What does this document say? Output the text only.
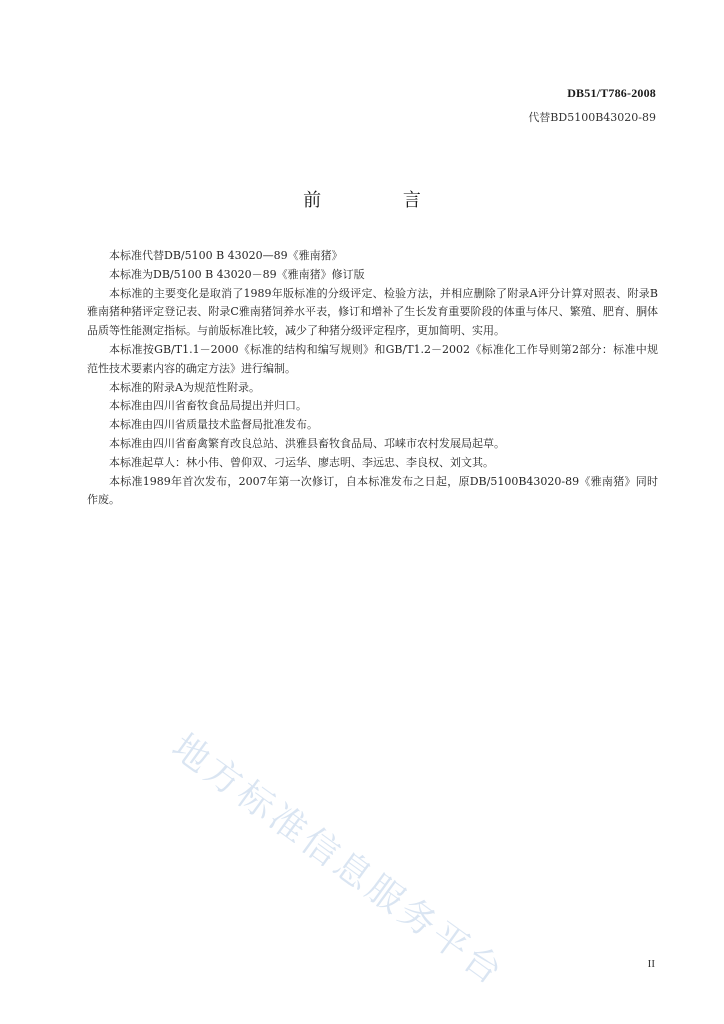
DB51/T786-2008
代替BD5100B43020-89
前 言

本标准代替DB/5100 B 43020—89《雅南猪》

本标准为DB/5100 B 43020－89《雅南猪》修订版

本标准的主要变化是取消了1989年版标准的分级评定、检验方法，并相应删除了附录A评分计算对照表、附录B雅南猪种猪评定登记表、附录C雅南猪饲养水平表，修订和增补了生长发育重要阶段的体重与体尺、繁殖、肥育、胴体品质等性能测定指标。与前版标准比较，减少了种猪分级评定程序，更加简明、实用。

本标准按GB/T1.1－2000《标准的结构和编写规则》和GB/T1.2－2002《标准化工作导则第2部分：标准中规范性技术要素内容的确定方法》进行编制。

本标准的附录A为规范性附录。

本标准由四川省畜牧食品局提出并归口。

本标准由四川省质量技术监督局批准发布。

本标准由四川省畜禽繁育改良总站、洪雅县畜牧食品局、邛崃市农村发展局起草。

本标准起草人：林小伟、曾仰双、刁运华、廖志明、李远忠、李良权、刘文其。

本标准1989年首次发布，2007年第一次修订，自本标准发布之日起，原DB/5100B43020-89《雅南猪》同时作废。

地方标准信息服务平台	II
